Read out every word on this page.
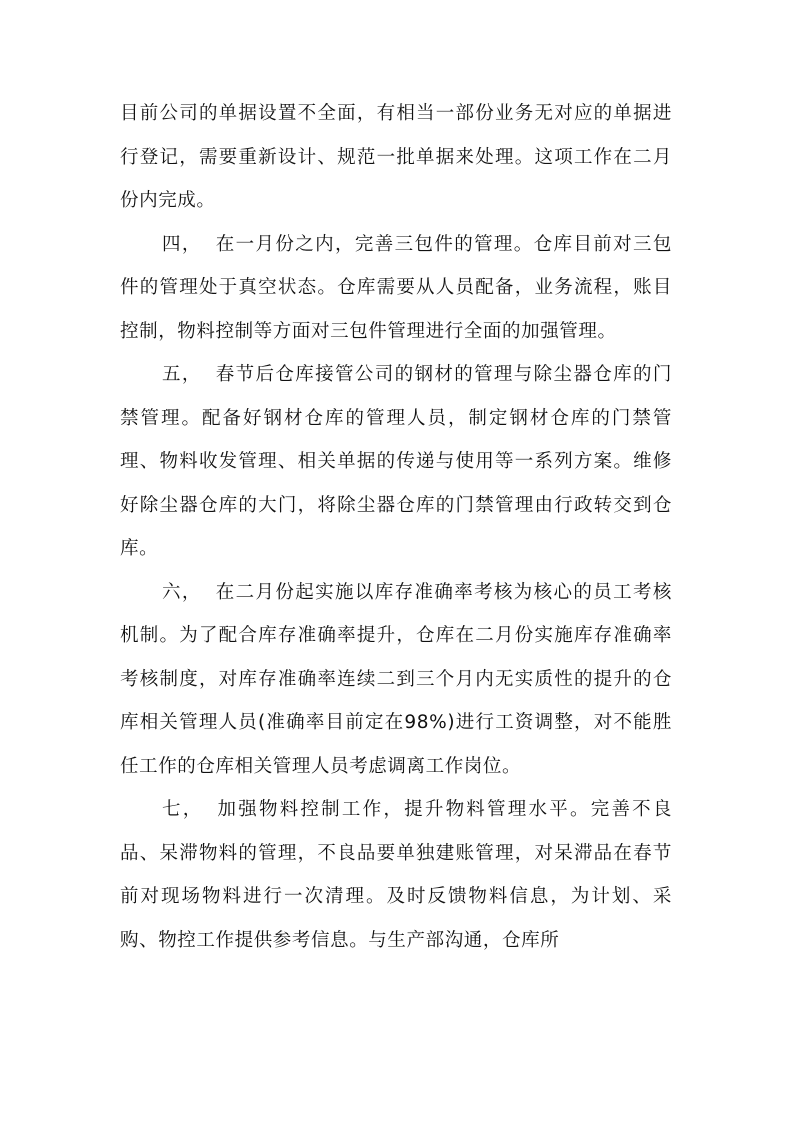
目前公司的单据设置不全面，有相当一部份业务无对应的单据进行登记，需要重新设计、规范一批单据来处理。这项工作在二月份内完成。

四， 在一月份之内，完善三包件的管理。仓库目前对三包件的管理处于真空状态。仓库需要从人员配备，业务流程，账目控制，物料控制等方面对三包件管理进行全面的加强管理。

五， 春节后仓库接管公司的钢材的管理与除尘器仓库的门禁管理。配备好钢材仓库的管理人员，制定钢材仓库的门禁管理、物料收发管理、相关单据的传递与使用等一系列方案。维修好除尘器仓库的大门，将除尘器仓库的门禁管理由行政转交到仓库。

六， 在二月份起实施以库存准确率考核为核心的员工考核机制。为了配合库存准确率提升，仓库在二月份实施库存准确率考核制度，对库存准确率连续二到三个月内无实质性的提升的仓库相关管理人员(准确率目前定在98%)进行工资调整，对不能胜任工作的仓库相关管理人员考虑调离工作岗位。

七， 加强物料控制工作，提升物料管理水平。完善不良品、呆滞物料的管理，不良品要单独建账管理，对呆滞品在春节前对现场物料进行一次清理。及时反馈物料信息，为计划、采购、物控工作提供参考信息。与生产部沟通，仓库所
